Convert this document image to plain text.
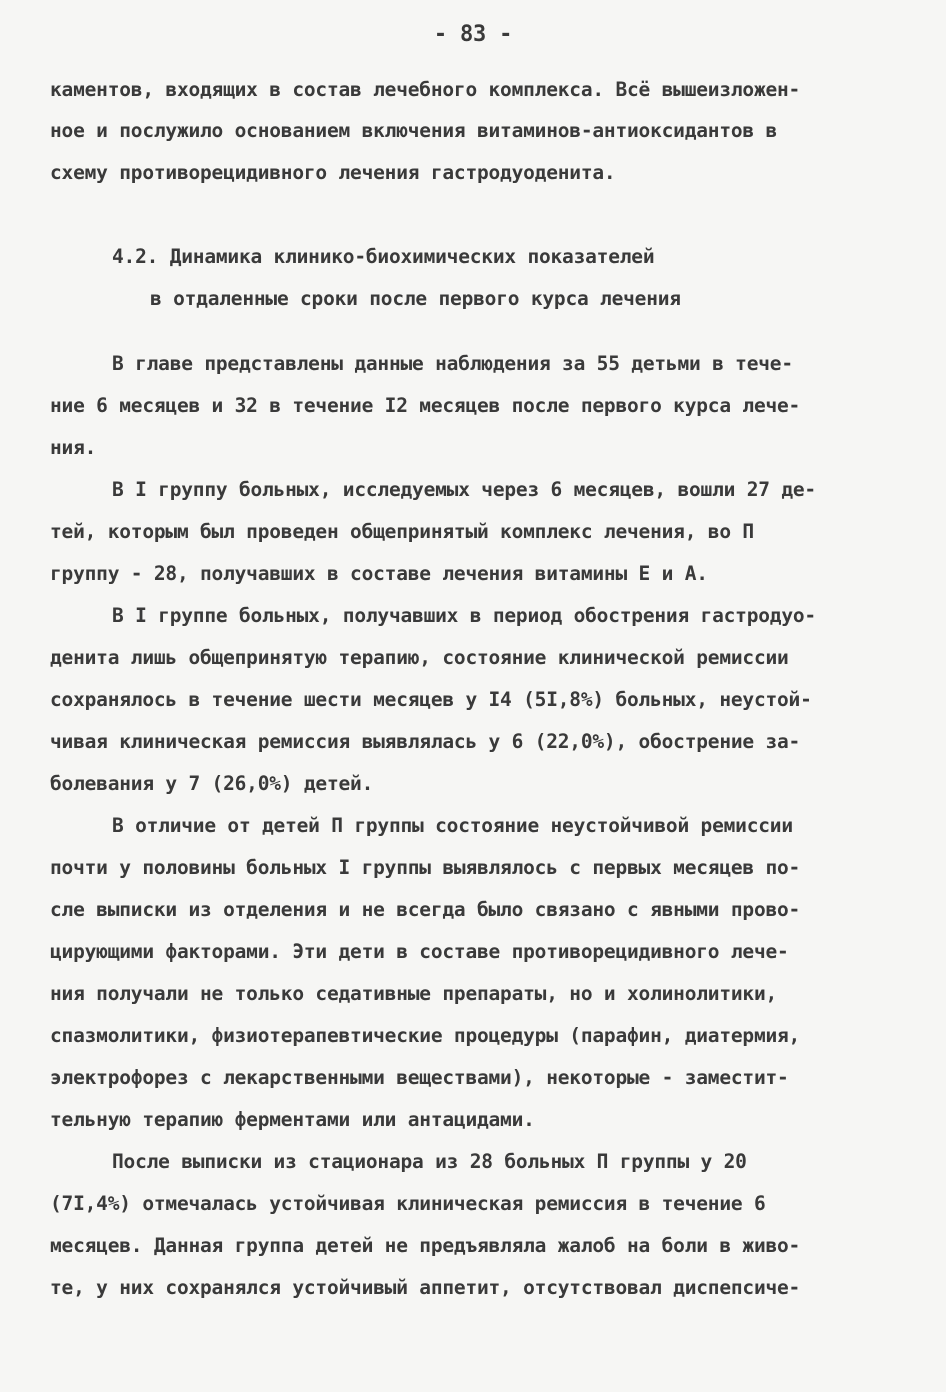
- 83 -

каментов, входящих в состав лечебного комплекса. Всё вышеизложен-

ное и послужило основанием включения витаминов-антиоксидантов в

схему противорецидивного лечения гастродуоденита.

4.2. Динамика клинико-биохимических показателей

в отдаленные сроки после первого курса лечения

В главе представлены данные наблюдения за 55 детьми в тече-

ние 6 месяцев и 32 в течение I2 месяцев после первого курса лече-

ния.

В I группу больных, исследуемых через 6 месяцев, вошли 27 де-

тей, которым был проведен общепринятый комплекс лечения, во П

группу - 28, получавших в составе лечения витамины Е и А.

В I группе больных, получавших в период обострения гастродуо-

денита лишь общепринятую терапию, состояние клинической ремиссии

сохранялось в течение шести месяцев у I4 (5I,8%) больных, неустой-

чивая клиническая ремиссия выявлялась у 6 (22,0%), обострение за-

болевания у 7 (26,0%) детей.

В отличие от детей П группы состояние неустойчивой ремиссии

почти у половины больных I группы выявлялось с первых месяцев по-

сле выписки из отделения и не всегда было связано с явными прово-

цирующими факторами. Эти дети в составе противорецидивного лече-

ния получали не только седативные препараты, но и холинолитики,

спазмолитики, физиотерапевтические процедуры (парафин, диатермия,

электрофорез с лекарственными веществами), некоторые - заместит-

тельную терапию ферментами или антацидами.

После выписки из стационара из 28 больных П группы у 20

(7I,4%) отмечалась устойчивая клиническая ремиссия в течение 6

месяцев. Данная группа детей не предъявляла жалоб на боли в живо-

те, у них сохранялся устойчивый аппетит, отсутствовал диспепсиче-
